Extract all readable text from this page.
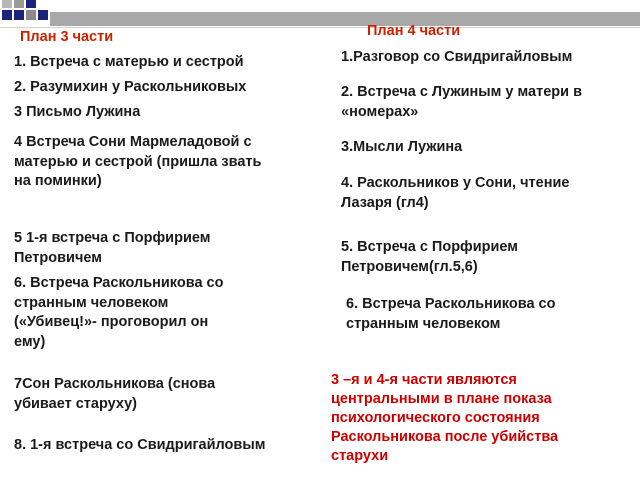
План 3 части
1. Встреча с матерью и сестрой
2. Разумихин у Раскольниковых
3 Письмо Лужина
4 Встреча Сони Мармеладовой с матерью и сестрой (пришла звать на поминки)
5 1-я встреча с Порфирием Петровичем
6. Встреча Раскольникова со странным человеком («Убивец!»- проговорил он ему)
7Сон Раскольникова (снова убивает старуху)
8. 1-я встреча со Свидригайловым
План 4 части
1.Разговор со Свидригайловым
2. Встреча с Лужиным у матери в «номерах»
3.Мысли Лужина
4. Раскольников у Сони, чтение Лазаря (гл4)
5. Встреча с Порфирием Петровичем(гл.5,6)
6. Встреча Раскольникова со странным человеком
3 –я и 4-я части являются центральными в плане показа психологического состояния Раскольникова после убийства старухи
